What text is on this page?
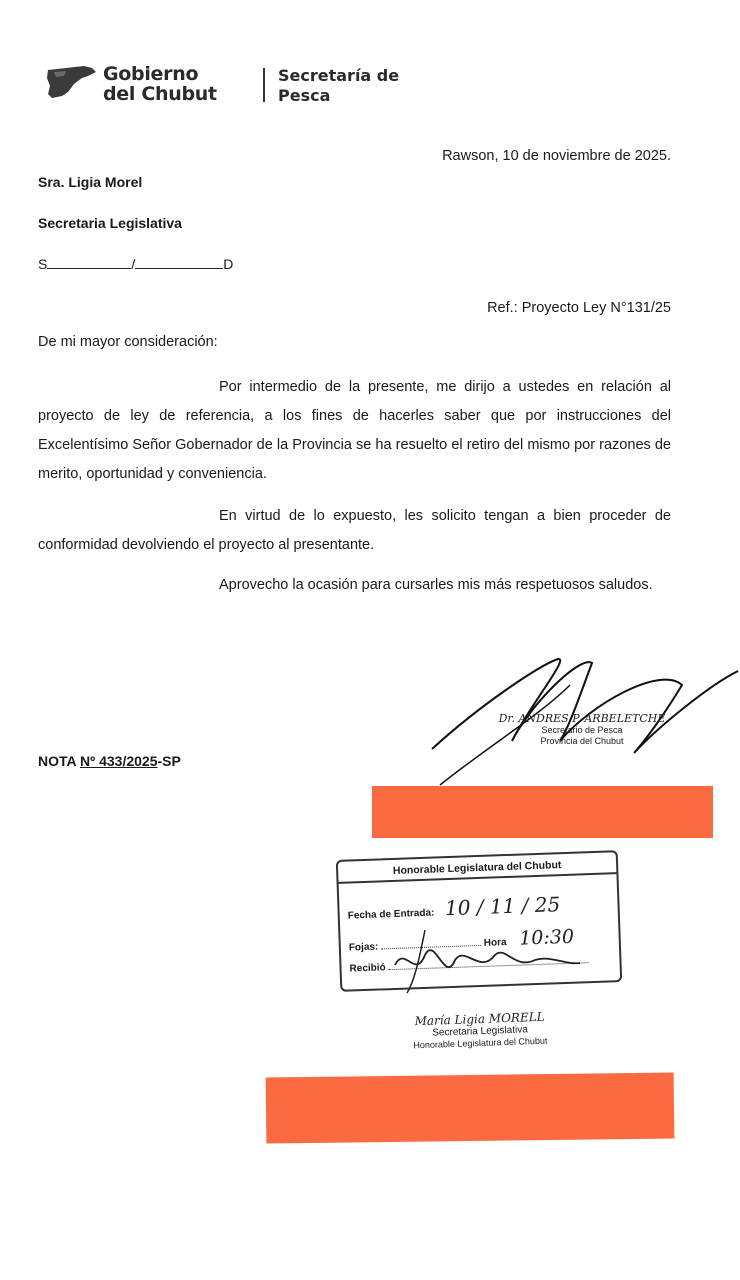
Gobierno
del Chubut
Secretaría de
Pesca
Rawson, 10 de noviembre de 2025.
Sra. Ligia Morel
Secretaria Legislativa
S	/	D
Ref.: Proyecto Ley N°131/25
De mi mayor consideración:
Por intermedio de la presente, me dirijo a ustedes en relación al proyecto de ley de referencia, a los fines de hacerles saber que por instrucciones del Excelentísimo Señor Gobernador de la Provincia se ha resuelto el retiro del mismo por razones de merito, oportunidad y conveniencia.
En virtud de lo expuesto, les solicito tengan a bien proceder de conformidad devolviendo el proyecto al presentante.
Aprovecho la ocasión para cursarles mis más respetuosos saludos.
Dr. ANDRES P. ARBELETCHE
Secretario de Pesca
Provincia del Chubut
NOTA Nº 433/2025-SP
Honorable Legislatura del Chubut
Fecha de Entrada: 10 / 11 / 25
Fojas:	Hora 10:30
Recibió
María Ligia MORELL
Secretaria Legislativa
Honorable Legislatura del Chubut
